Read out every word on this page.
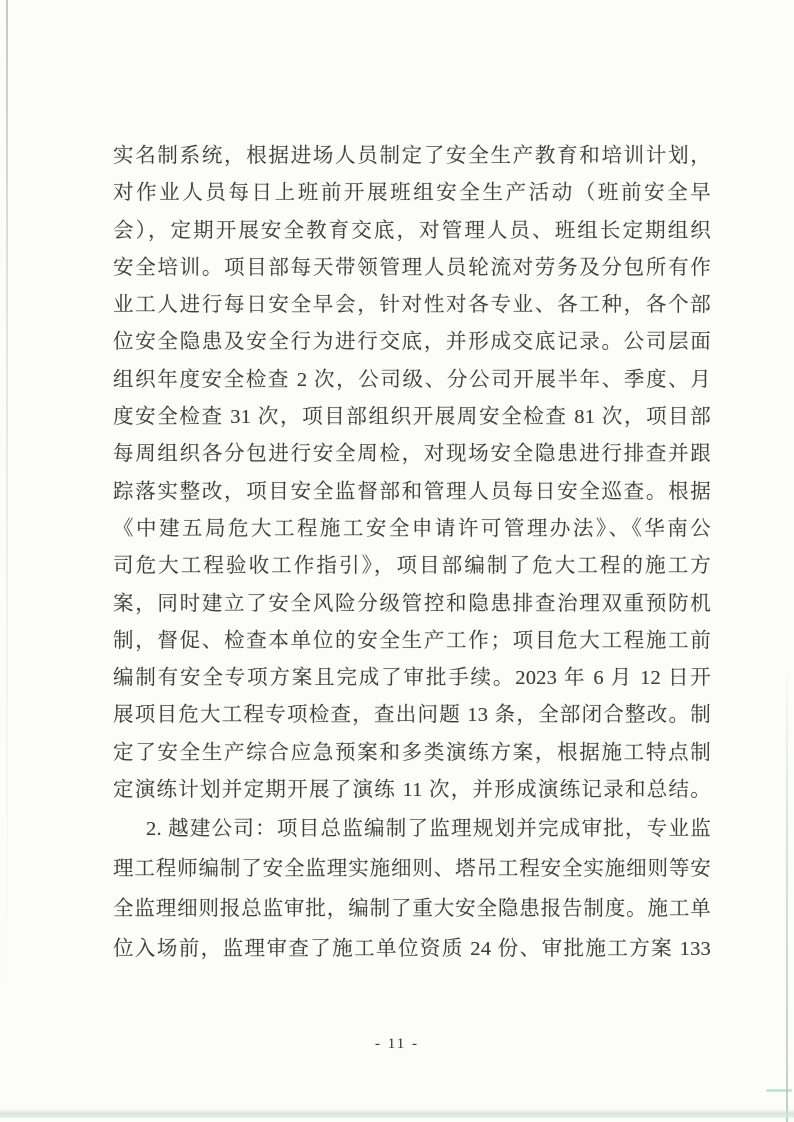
实名制系统，根据进场人员制定了安全生产教育和培训计划，
对作业人员每日上班前开展班组安全生产活动（班前安全早
会），定期开展安全教育交底，对管理人员、班组长定期组织
安全培训。项目部每天带领管理人员轮流对劳务及分包所有作
业工人进行每日安全早会，针对性对各专业、各工种，各个部
位安全隐患及安全行为进行交底，并形成交底记录。公司层面
组织年度安全检查 2 次，公司级、分公司开展半年、季度、月
度安全检查 31 次，项目部组织开展周安全检查 81 次，项目部
每周组织各分包进行安全周检，对现场安全隐患进行排查并跟
踪落实整改，项目安全监督部和管理人员每日安全巡查。根据
《中建五局危大工程施工安全申请许可管理办法》、《华南公
司危大工程验收工作指引》，项目部编制了危大工程的施工方
案，同时建立了安全风险分级管控和隐患排查治理双重预防机
制，督促、检查本单位的安全生产工作；项目危大工程施工前
编制有安全专项方案且完成了审批手续。2023 年 6 月 12 日开
展项目危大工程专项检查，查出问题 13 条，全部闭合整改。制
定了安全生产综合应急预案和多类演练方案，根据施工特点制
定演练计划并定期开展了演练 11 次，并形成演练记录和总结。
2. 越建公司：项目总监编制了监理规划并完成审批，专业监
理工程师编制了安全监理实施细则、塔吊工程安全实施细则等安
全监理细则报总监审批，编制了重大安全隐患报告制度。施工单
位入场前，监理审查了施工单位资质 24 份、审批施工方案 133
- 11 -
